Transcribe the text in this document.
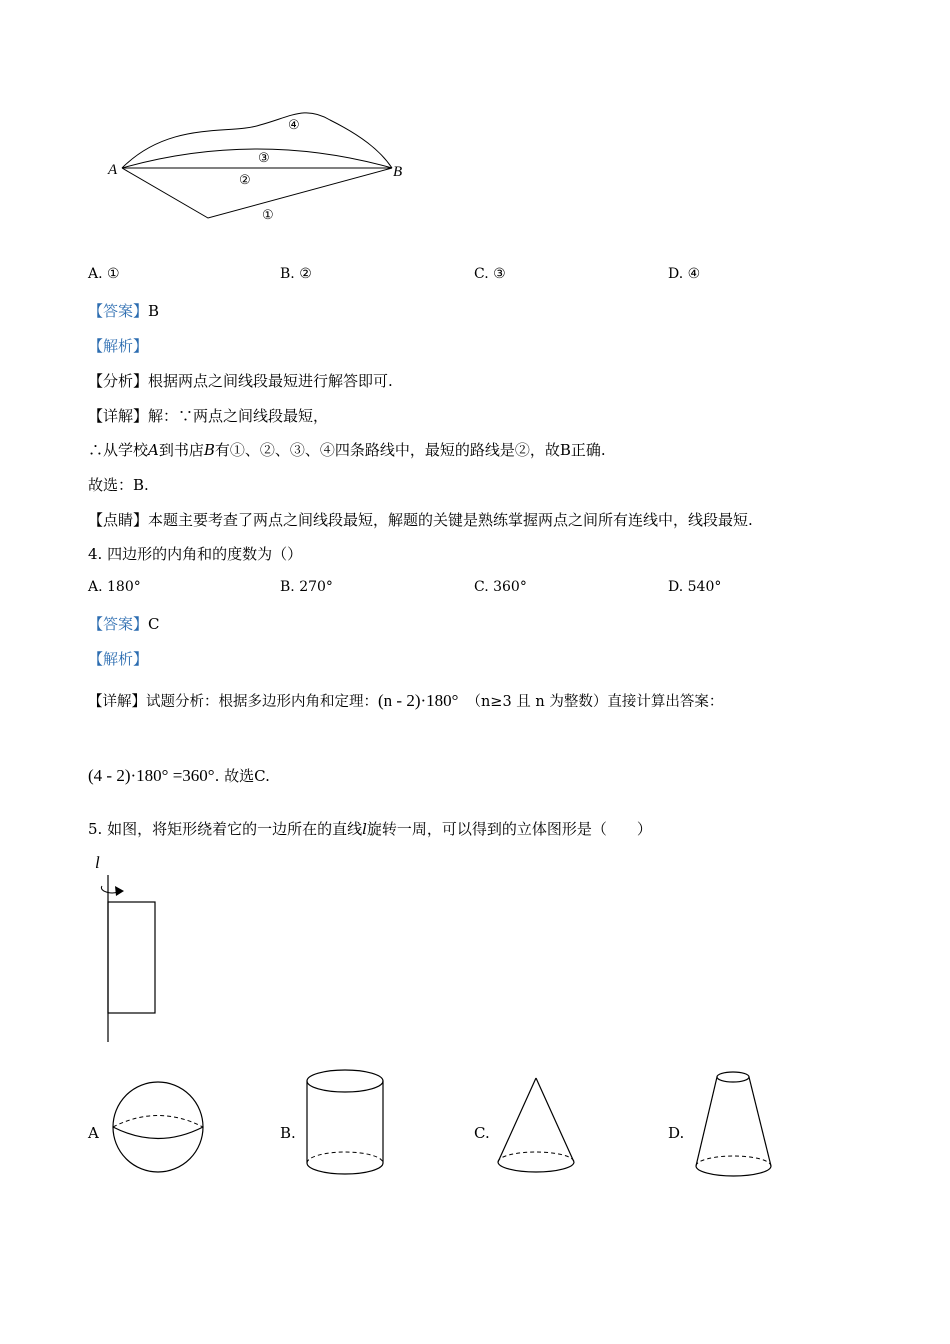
A	B
④
③
②
①
A. ①	B. ②	C. ③	D. ④
【答案】B
【解析】
【分析】根据两点之间线段最短进行解答即可.
【详解】解：∵两点之间线段最短，
∴从学校A到书店B有①、②、③、④四条路线中，最短的路线是②，故B正确.
故选：B.
【点睛】本题主要考查了两点之间线段最短，解题的关键是熟练掌握两点之间所有连线中，线段最短.
4. 四边形的内角和的度数为（）
A. 180°	B. 270°	C. 360°	D. 540°
【答案】C
【解析】
【详解】试题分析：根据多边形内角和定理：(n - 2)·180° （n≥3 且 n 为整数）直接计算出答案：
(4 - 2)·180° =360°. 故选C.
5. 如图，将矩形绕着它的一边所在的直线l旋转一周，可以得到的立体图形是（　　）
l
A	B.	C.	D.
